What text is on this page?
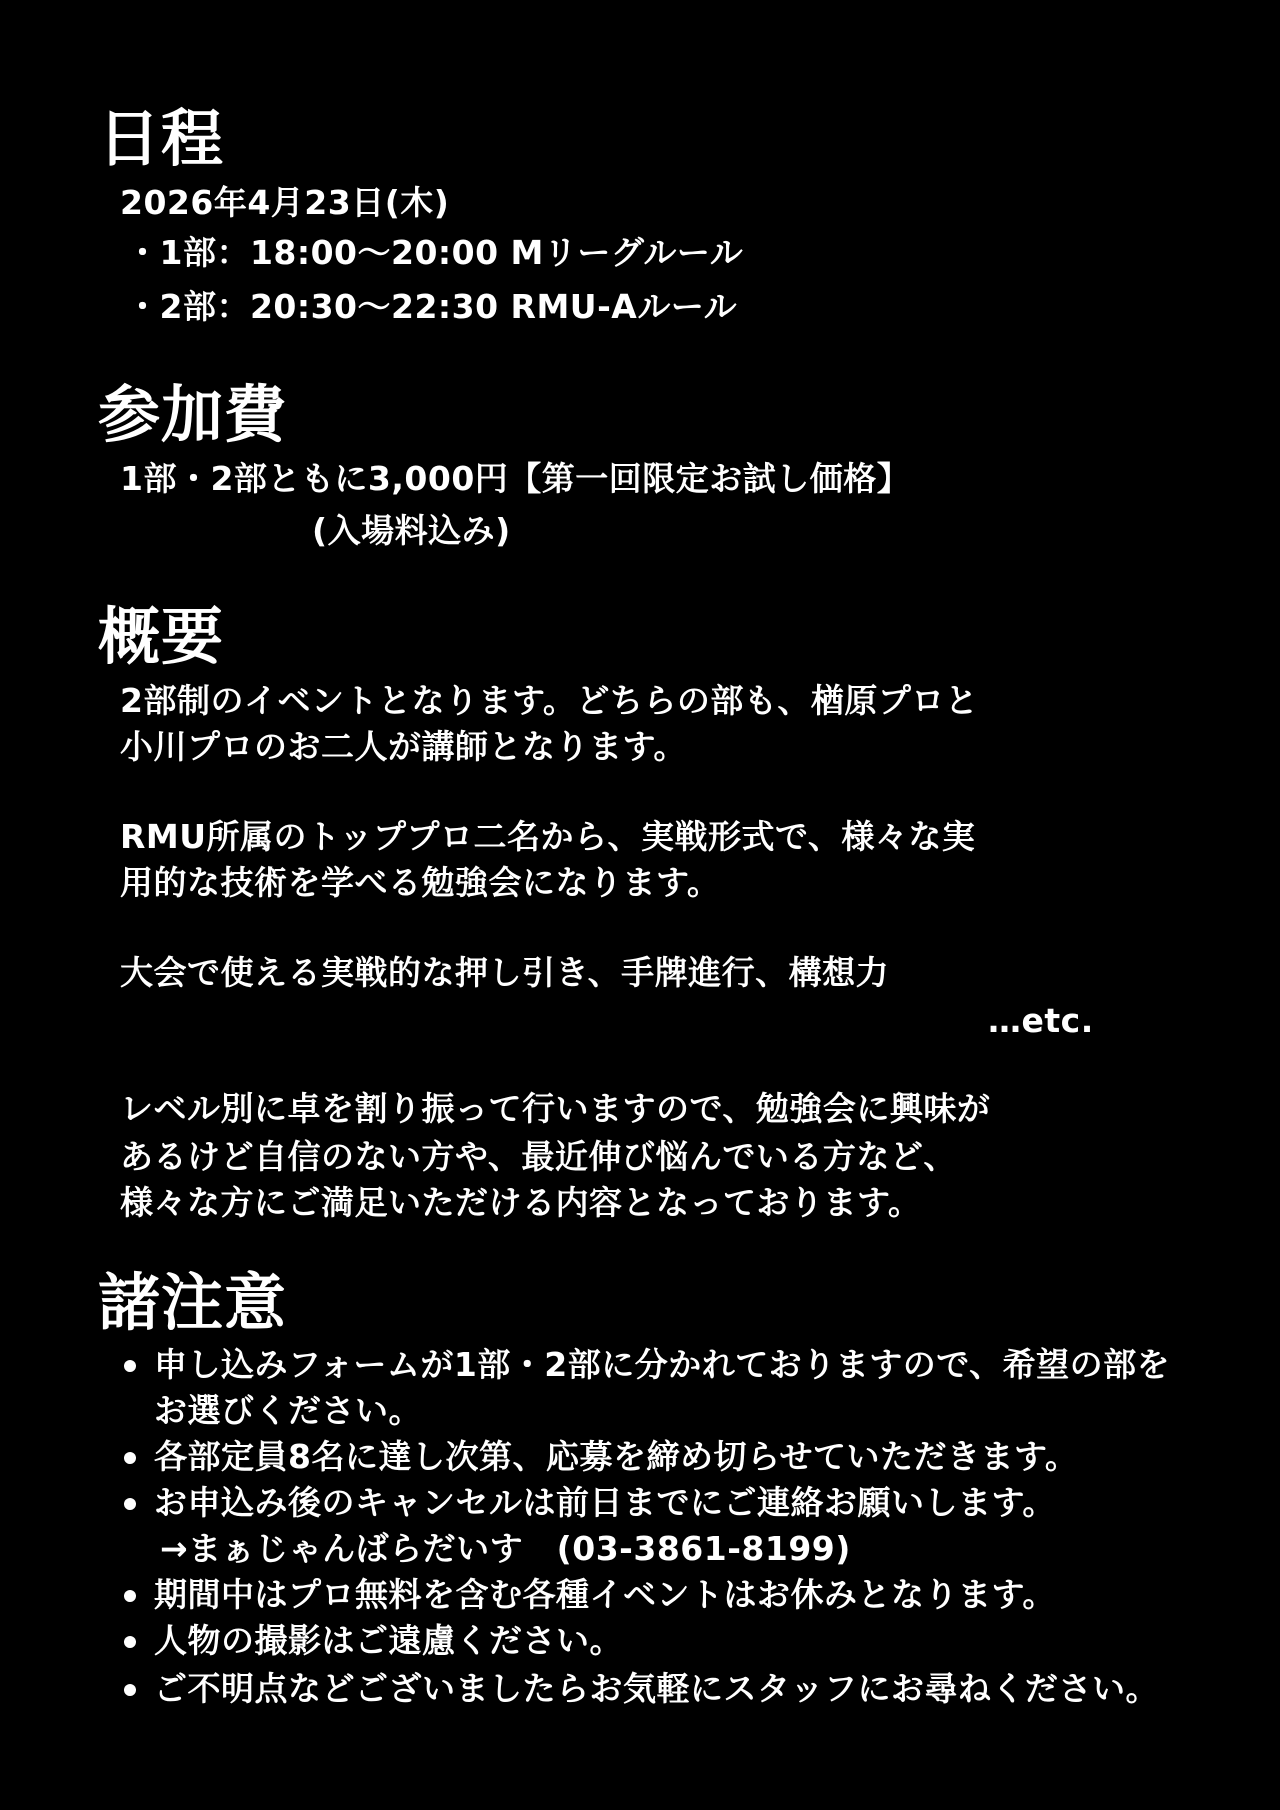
日程

2026年4月23日(木)

・1部：18:00〜20:00 Mリーグルール

・2部：20:30〜22:30 RMU-Aルール

参加費

1部・2部ともに3,000円【第一回限定お試し価格】

(入場料込み)

概要

2部制のイベントとなります。どちらの部も、楢原プロと

小川プロのお二人が講師となります。

RMU所属のトッププロ二名から、実戦形式で、様々な実

用的な技術を学べる勉強会になります。

大会で使える実戦的な押し引き、手牌進行、構想力

…etc.

レベル別に卓を割り振って行いますので、勉強会に興味が

あるけど自信のない方や、最近伸び悩んでいる方など、

様々な方にご満足いただける内容となっております。

諸注意

申し込みフォームが1部・2部に分かれておりますので、希望の部を

お選びください。

各部定員8名に達し次第、応募を締め切らせていただきます。

お申込み後のキャンセルは前日までにご連絡お願いします。

→まぁじゃんばらだいす　(03-3861-8199)

期間中はプロ無料を含む各種イベントはお休みとなります。

人物の撮影はご遠慮ください。

ご不明点などございましたらお気軽にスタッフにお尋ねください。
